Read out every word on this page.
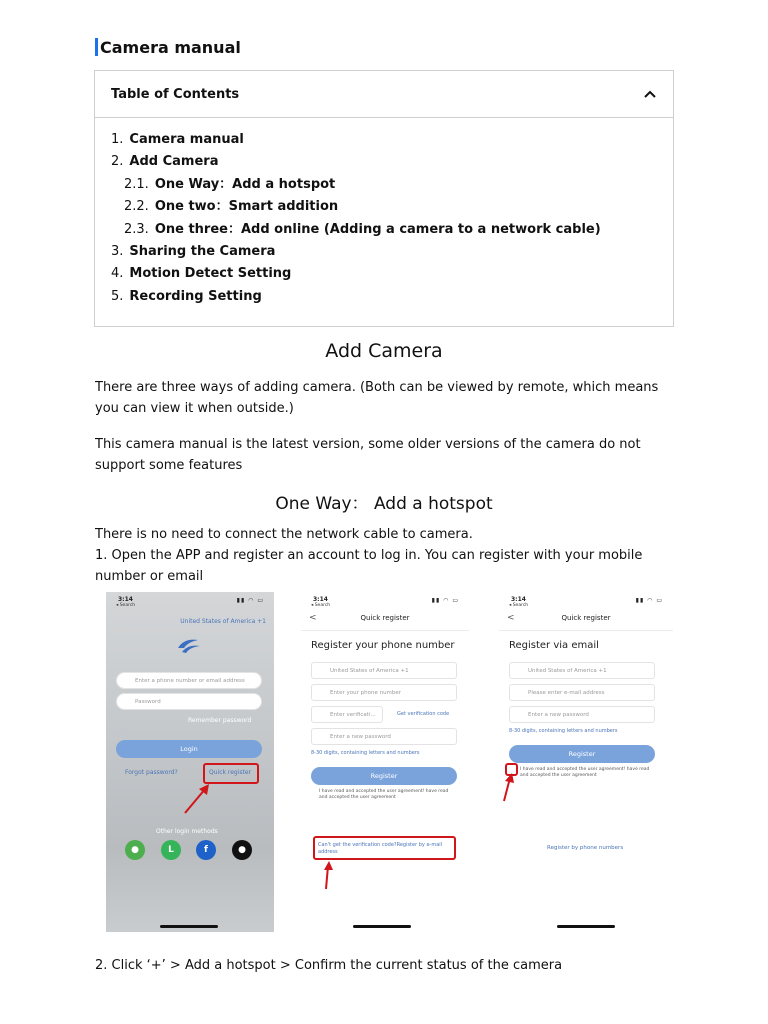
Camera manual
Table of Contents
1. Camera manual
2. Add Camera
2.1. One Way：Add a hotspot
2.2. One two：Smart addition
2.3. One three：Add online (Adding a camera to a network cable)
3. Sharing the Camera
4. Motion Detect Setting
5. Recording Setting
Add Camera
There are three ways of adding camera. (Both can be viewed by remote, which means you can view it when outside.)
This camera manual is the latest version, some older versions of the camera do not support some features
One Way： Add a hotspot
There is no need to connect the network cable to camera.
1. Open the APP and register an account to log in. You can register with your mobile number or email
3:14
◂ Search
▮▮ ◠ ▭
United States of America +1
Enter a phone number or email address
Password
Remember password
Login
Forgot password?	Quick register
Other login methods
●	L	f	●
3:14
◂ Search
▮▮ ◠ ▭
<	Quick register
Register your phone number
United States of America +1
Enter your phone number
Enter verificati...	Get verification code
Enter a new password
8-30 digits, containing letters and numbers
Register
I have read and accepted the user agreement! have read and accepted the user agreement
Can't get the verification code?Register by e-mail address
3:14
◂ Search
▮▮ ◠ ▭
<	Quick register
Register via email
United States of America +1
Please enter e-mail address
Enter a new password
8-30 digits, containing letters and numbers
Register
I have read and accepted the user agreement! have read and accepted the user agreement
Register by phone numbers
2. Click ‘+’ > Add a hotspot > Confirm the current status of the camera
